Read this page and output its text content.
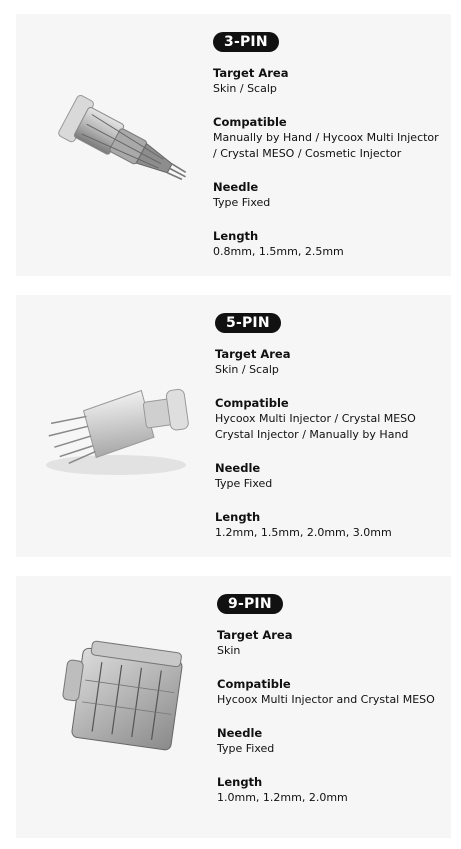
3-PIN
Target Area
Skin / Scalp
Compatible
Manually by Hand / Hycoox Multi Injector
/ Crystal MESO / Cosmetic Injector
Needle
Type Fixed
Length
0.8mm, 1.5mm, 2.5mm
5-PIN
Target Area
Skin / Scalp
Compatible
Hycoox Multi Injector / Crystal MESO
Crystal Injector / Manually by Hand
Needle
Type Fixed
Length
1.2mm, 1.5mm, 2.0mm, 3.0mm
9-PIN
Target Area
Skin
Compatible
Hycoox Multi Injector and Crystal MESO
Needle
Type Fixed
Length
1.0mm, 1.2mm, 2.0mm
